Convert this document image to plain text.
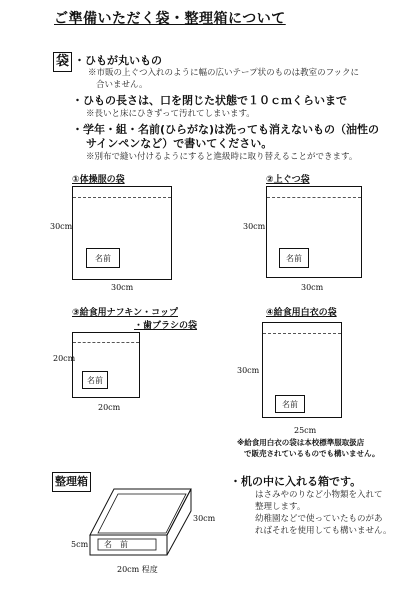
ご準備いただく袋・整理箱について
袋 ・ひもが丸いもの
※市販の上ぐつ入れのように幅の広いテープ状のものは教室のフックに
合いません。
・ひもの長さは、口を閉じた状態で１０ｃｍくらいまで
※長いと床にひきずって汚れてしまいます。
・学年・組・名前(ひらがな)は洗っても消えないもの（油性の
サインペンなど）で書いてください。
※別布で縫い付けるようにすると進級時に取り替えることができます。
①体操服の袋
名前
30cm
30cm
②上ぐつ袋
名前
30cm
30cm
③給食用ナフキン・コップ
・歯ブラシの袋
名前
20cm
20cm
④給食用白衣の袋
名前
30cm
25cm
※給食用白衣の袋は本校標準服取扱店
で販売されているものでも構いません。
整理箱
名　前
30cm
5cm
20cm 程度
・机の中に入れる箱です。
はさみやのりなど小物類を入れて
整理します。
幼稚園などで使っていたものがあ
ればそれを使用しても構いません。
